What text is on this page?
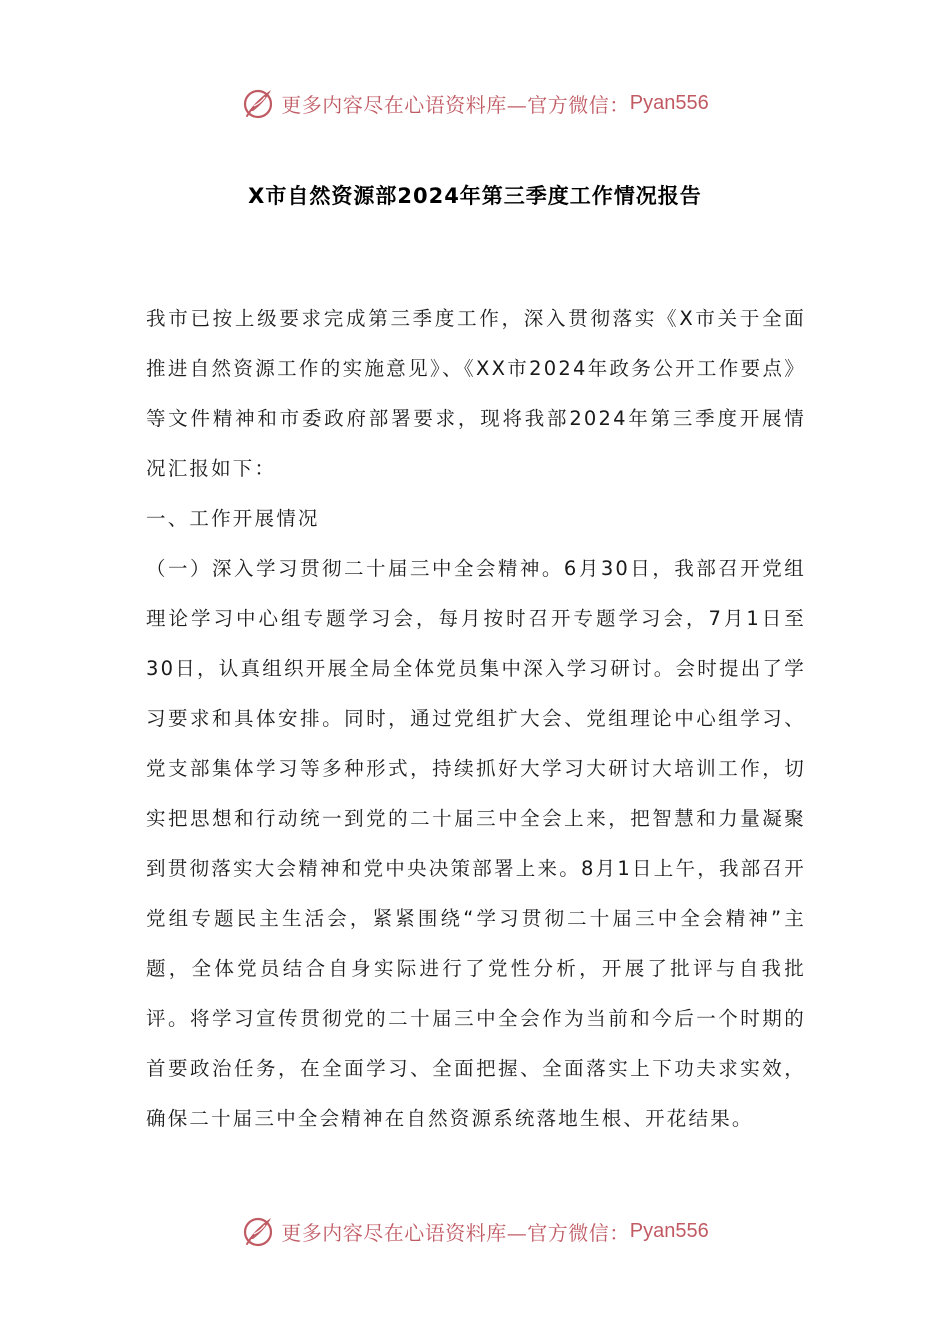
更多内容尽在心语资料库—官方微信： Pyan556
X市自然资源部2024年第三季度工作情况报告

我市已按上级要求完成第三季度工作，深入贯彻落实《X市关于全面推进自然资源工作的实施意见》、《XX市2024年政务公开工作要点》等文件精神和市委政府部署要求，现将我部2024年第三季度开展情况汇报如下：

一、工作开展情况

（一）深入学习贯彻二十届三中全会精神。6月30日，我部召开党组理论学习中心组专题学习会，每月按时召开专题学习会，7月1日至30日，认真组织开展全局全体党员集中深入学习研讨。会时提出了学习要求和具体安排。同时，通过党组扩大会、党组理论中心组学习、党支部集体学习等多种形式，持续抓好大学习大研讨大培训工作，切实把思想和行动统一到党的二十届三中全会上来，把智慧和力量凝聚到贯彻落实大会精神和党中央决策部署上来。8月1日上午，我部召开党组专题民主生活会，紧紧围绕“学习贯彻二十届三中全会精神”主题，全体党员结合自身实际进行了党性分析，开展了批评与自我批评。将学习宣传贯彻党的二十届三中全会作为当前和今后一个时期的首要政治任务，在全面学习、全面把握、全面落实上下功夫求实效，确保二十届三中全会精神在自然资源系统落地生根、开花结果。

更多内容尽在心语资料库—官方微信： Pyan556
